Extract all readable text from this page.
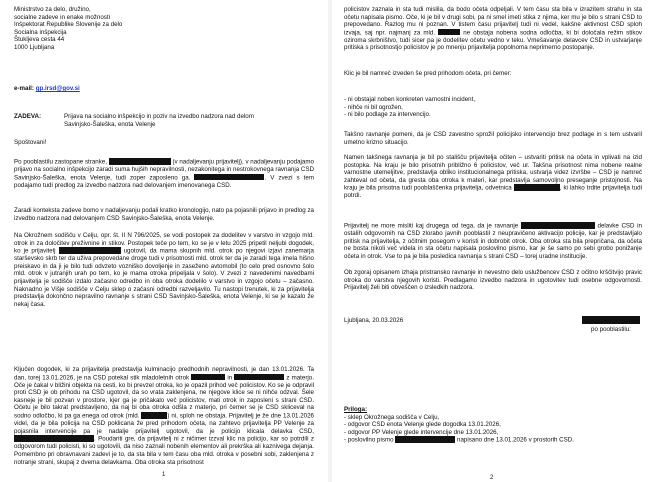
Ministrstvo za delo, družino,

socialne zadeve in enake možnosti

Inšpektorat Republike Slovenije za delo

Socialna inšpekcija

Štukljeva cesta 44

1000 Ljubljana

e-mail: gp.irsd@gov.si
ZADEVA:	Prijava na socialno inšpekcijo in poziv na izvedbo nadzora nad delom Savinjsko-Šaleška, enota Velenje
Spoštovani!
Po pooblastilu zastopane stranke,	(v nadaljevanju prijavitelj), v nadaljevanju podajamo prijavo na socialno inšpekcijo zaradi suma hujših nepravilnosti, nezakonitega in nestrokovnega ravnanja CSD Savinjsko-Šaleška, enota Velenje, tudi zoper zaposleno ga.	. V zvezi s tem podajamo tudi predlog za izvedbo nadzora nad delovanjem imenovanega CSD.
Zaradi konteksta zadeve bomo v nadaljevanju podali kratko kronologijo, nato pa pojasnili prijavo in predlog za izvedbo nadzora nad delovanjem CSD Savinjsko-Šaleška, enota Velenje.
Na Okrožnem sodišču v Celju, opr. št. II N 796/2025, se vodi postopek za dodelitev v varstvo in vzgojo mld. otrok in za določitev preživnine in stikov. Postopek teče po tem, ko se je v letu 2025 pripetil neljubi dogodek, ko je prijavitelj	ugotovil, da mama skupnih mld. otrok po njegovi izjavi zanemarja starševsko skrb ter da uživa prepovedane droge tudi v prisotnosti mld. otrok ter da je zaradi tega imela hišno preiskavo in da ji je bilo tudi odvzeto vozniško dovoljenje in zaseženo avtomobil (to celo pred osnovno šolo mld. otrok v jutranjih urah po tem, ko je mama otroka pripeljala v šolo). V zvezi z navedenimi navedbami prijavitelja je sodišče izdalo začasno odredbo in oba otroka dodelilo v varstvo in vzgojo očetu – začasno. Naknadno je Višje sodišče v Celju sklep o začasni odredbi razveljavilo. Tu nastopi trenutek, ki za prijavitelja predstavlja dokončno nepravilno ravnanje s strani CSD Savinjsko-Šaleška, enota Velenje, ki se je kazalo že nekaj časa.
Ključen dogodek, ki za prijavitelja predstavlja kulminacijo predhodnih nepravilnosti, je dan 13.01.2026. Ta dan, torej 13.01.2026, je na CSD potekal stik mladoletnih otrok	in	z materjo. Oče je čakal v bližini objekta na cesti, ko bi prevzel otroka, ko je opazil prihod več policistov. Ko se je odpravil proti CSD je ob prihodu na CSD ugotovil, da so vrata zaklenjena, ne njegove klice se ni nihče odzval. Šele kasneje je bil pozvan v prostore, kjer ga je pričakalo več policistov, mati otrok in zaposleni s strani CSD. Očetu je bilo takrat predstavljeno, da naj bi oba otroka odšla z materjo, pri čemer se je CSD skliceval na sodno odločbo, ki pa ga enega od otrok (mld.	) ni, sploh ne obstaja. Prijavitelj je že dne 13.01.2026 videl, da je bila policija na CSD poklicana že pred prihodom očeta, na zahtevo prijavitelja PP Velenje za pojasnila intervencije pa je nadalje prijavitelj ugotovil, da je policijo klicala delavka CSD, . Poudariti gre, da prijavitelj ni z ničimer izzval klic na policijo, kar so potrdili z odgovorom tudi policisti, ki so ugotovili, da niso zaznali nobenih elementov ali prekrška ali kaznivega dejanja. Pomembno pri obravnavani zadevi je to, da sta bila v tem času oba mld. otroka v posebni sobi, zaklenjena z notranje strani, skupaj z dvema delavkama. Oba otroka sta prisotnost
1
policistov zaznala in sta tudi mislila, da bodo očeta odpeljali. V tem času sta bila v izrazitem strahu in sta očetu napisala pismo. Oče, ki je bil v drugi sobi, pa ni smel imeti stika z njima, ker mu je bilo s strani CSD to prepovedano. Razlog mu ni poznan. V tistem času prijavitelj tudi ni vedel, kakšne aktivnost CSD sploh izvaja, saj npr. najmanj za mld.	ne obstaja nobena sodna odločba, ki bi določala režim stikov oziroma skrbništvo, tudi sicer pa je dodelitev očetu vedno v teku. Vmešavanje delavcev CSD in ustvarjanje pritiska s prisotnostjo policistov je po mnenju prijavitelja popolnoma neprimerno postopanje.
Klic je bil namreč izveden še pred prihodom očeta, pri čemer:

- ni obstajal noben konkreten varnostni incident,

- nihče ni bil ogrožen,

- ni bilo podlage za intervencijo.

Takšno ravnanje pomeni, da je CSD zavestno sprožil policijsko intervencijo brez podlage in s tem ustvaril umetno krizno situacijo.
Namen takšnega ravnanja je bil po stališču prijavitelja očiten – ustvariti pritisk na očeta in vplivati na izid postopka. Na kraju je bilo prisotnih približno 6 policistov, več ur. Takšna prisotnost nima nobene realne varnostne utemeljitve, predstavlja obliko institucionalnega pritiska, ustvarja videz izvršbe – CSD je namreč zahteval od očeta, da gresta oba otroka k materi, kar predstavlja samovoljno preseganje pristojnosti. Na kraju je bila prisotna tudi pooblaščenka prijavitelja, odvetnica	, ki lahko trdite prijavitelja tudi potrdi.
Prijavitelj ne more misliti kaj drugega od tega, da je ravnanje	delavke CSD in ostalih odgovornih na CSD zlorabo javnih pooblastil z neupravičeno aktivacijo policije, kar je predstavljalo pritisk na prijavitelja, z očitnim posegom v koristi in dobrobit otrok. Oba otroka sta bila prepričana, da očeta ne bosta nikoli več videla in sta očetu napisala poslovilno pismo, kar je še samo po sebi grobo ponižanje očeta in otrok. Vse to pa je bila posledica ravnanja s strani CSD – torej uradne institucije.
Ob zgoraj opisanem izhaja pristransko ravnanje in nevestno delo uslužbencev CSD z očitno krščitvijo pravic otroka do varstva njegovih koristi. Predlagamo izvedbo nadzora in ugotovitev tudi osebne odgovornosti. Prijavitelj želi biti obveščen o izsledkih nadzora.
Ljubljana, 20.03.2026

po pooblastilu:

Priloga:

- sklep Okrožnega sodišča v Celju,

- odgovor CSD enota Velenje glede dogodka 13.01.2026,

- odgovor PP Velenje glede intervencije dne 13.01.2026,

- poslovilno pismo	napisano dne 13.01.2026 v prostorih CSD.

2
